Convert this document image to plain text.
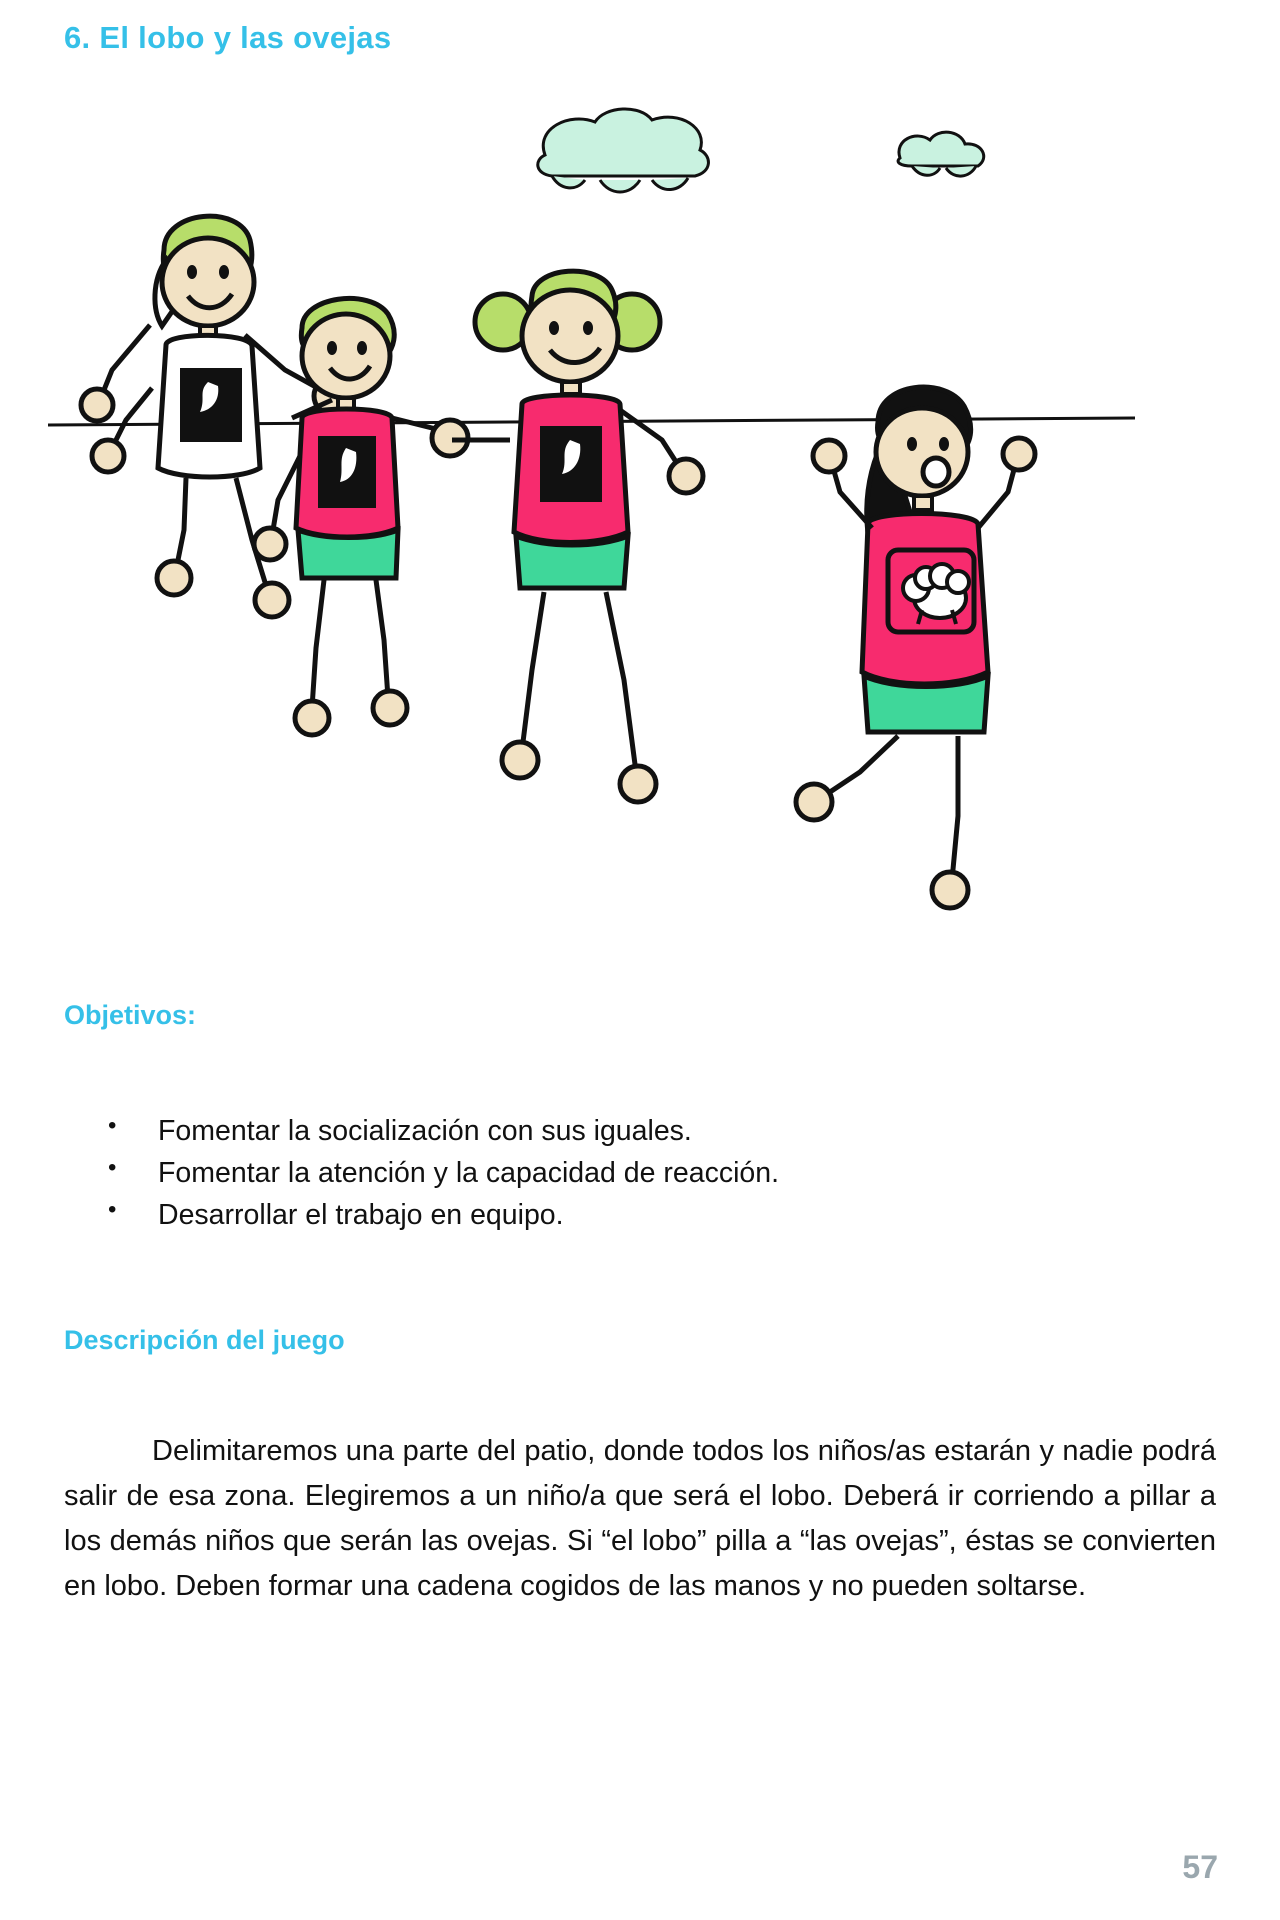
6. El lobo y las ovejas
Objetivos:
• Fomentar la socialización con sus iguales.
• Fomentar la atención y la capacidad de reacción.
• Desarrollar el trabajo en equipo.
Descripción del juego

Delimitaremos una parte del patio, donde todos los niños/as estarán y nadie podrá salir de esa zona. Elegiremos a un niño/a que será el lobo. Deberá ir corriendo a pillar a los demás niños que serán las ovejas. Si “el lobo” pilla a “las ovejas”, éstas se convierten en lobo. Deben formar una cadena cogidos de las manos y no pueden soltarse.

57
